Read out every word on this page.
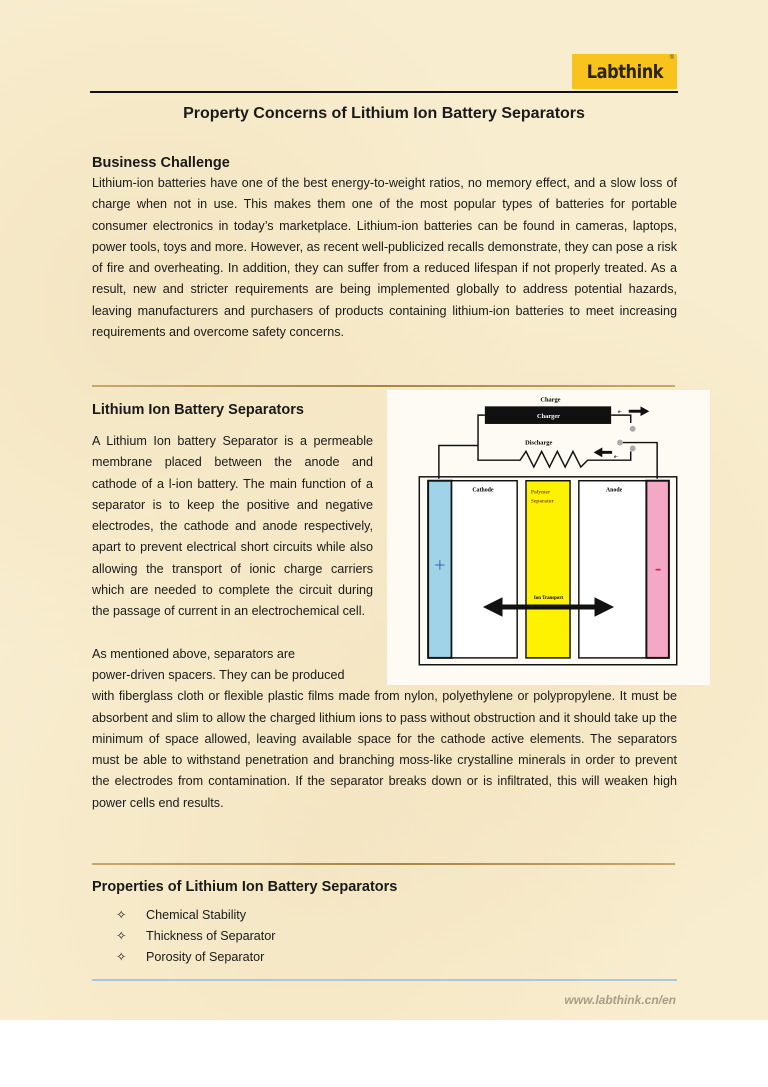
Labthink
®
Property Concerns of Lithium Ion Battery Separators
Business Challenge

Lithium-ion batteries have one of the best energy-to-weight ratios, no memory effect, and a slow loss of charge when not in use. This makes them one of the most popular types of batteries for portable consumer electronics in today’s marketplace. Lithium-ion batteries can be found in cameras, laptops, power tools, toys and more. However, as recent well-publicized recalls demonstrate, they can pose a risk of fire and overheating. In addition, they can suffer from a reduced lifespan if not properly treated. As a result, new and stricter requirements are being implemented globally to address potential hazards, leaving manufacturers and purchasers of products containing lithium-ion batteries to meet increasing requirements and overcome safety concerns.

Charge
Charger
e-
Discharge
e-
Cathode	Polymer
Separator
Anode
+	-
Ion Transport
Lithium Ion Battery Separators

A Lithium Ion battery Separator is a permeable membrane placed between the anode and cathode of a l-ion battery. The main function of a separator is to keep the positive and negative electrodes, the cathode and anode respectively, apart to prevent electrical short circuits while also allowing the transport of ionic charge carriers which are needed to complete the circuit during the passage of current in an electrochemical cell.

As mentioned above, separators are

power-driven spacers. They can be produced

with fiberglass cloth or flexible plastic films made from nylon, polyethylene or polypropylene. It must be absorbent and slim to allow the charged lithium ions to pass without obstruction and it should take up the minimum of space allowed, leaving available space for the cathode active elements. The separators must be able to withstand penetration and branching moss-like crystalline minerals in order to prevent the electrodes from contamination. If the separator breaks down or is infiltrated, this will weaken high power cells end results.

Properties of Lithium Ion Battery Separators
✧ Chemical Stability
✧ Thickness of Separator
✧ Porosity of Separator
www.labthink.cn/en
